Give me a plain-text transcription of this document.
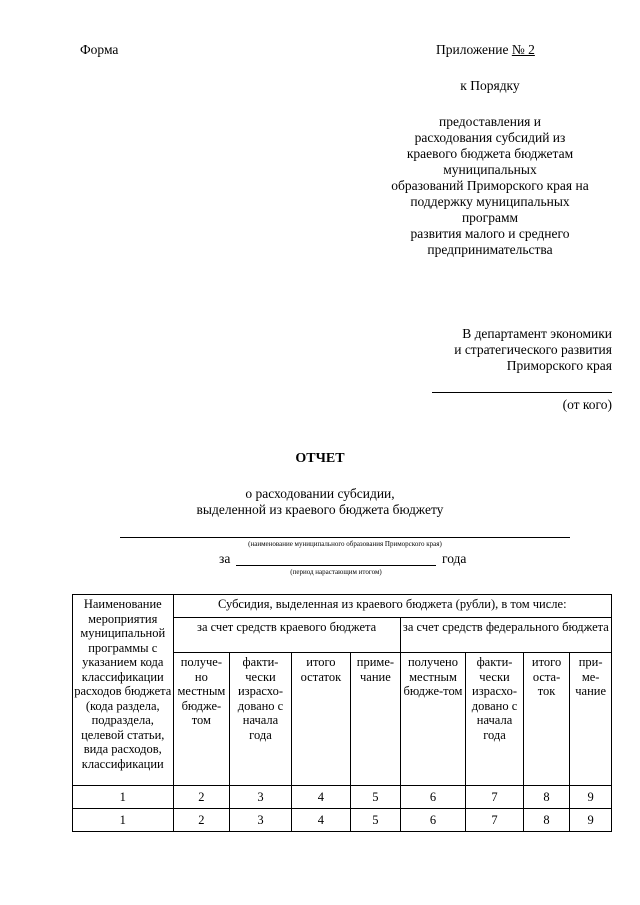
Форма	Приложение № 2
к Порядку
предоставления и
расходования субсидий из
краевого бюджета бюджетам
муниципальных
образований Приморского края на
поддержку муниципальных
программ
развития малого и среднего
предпринимательства
В департамент экономики
и стратегического развития
Приморского края
(от кого)
ОТЧЕТ
о расходовании субсидии,
выделенной из краевого бюджета бюджету
(наименование муниципального образования Приморского края)
за	года
(период нарастающим итогом)
Наименование мероприятия муниципальной программы с указанием кода классификации расходов бюджета (кода раздела, подраздела, целевой статьи, вида расходов, классификации	Субсидия, выделенная из краевого бюджета (рубли), в том числе:							
	за счет средств краевого бюджета				за счет средств федерального бюджета			
	получе-но местным бюдже-том	факти-чески израсхо-довано с начала года	итого остаток	приме-чание	получено местным бюдже-том	факти-чески израсхо-довано с начала года	итого оста-ток	при-ме-чание
1	2	3	4	5	6	7	8	9
1	2	3	4	5	6	7	8	9
